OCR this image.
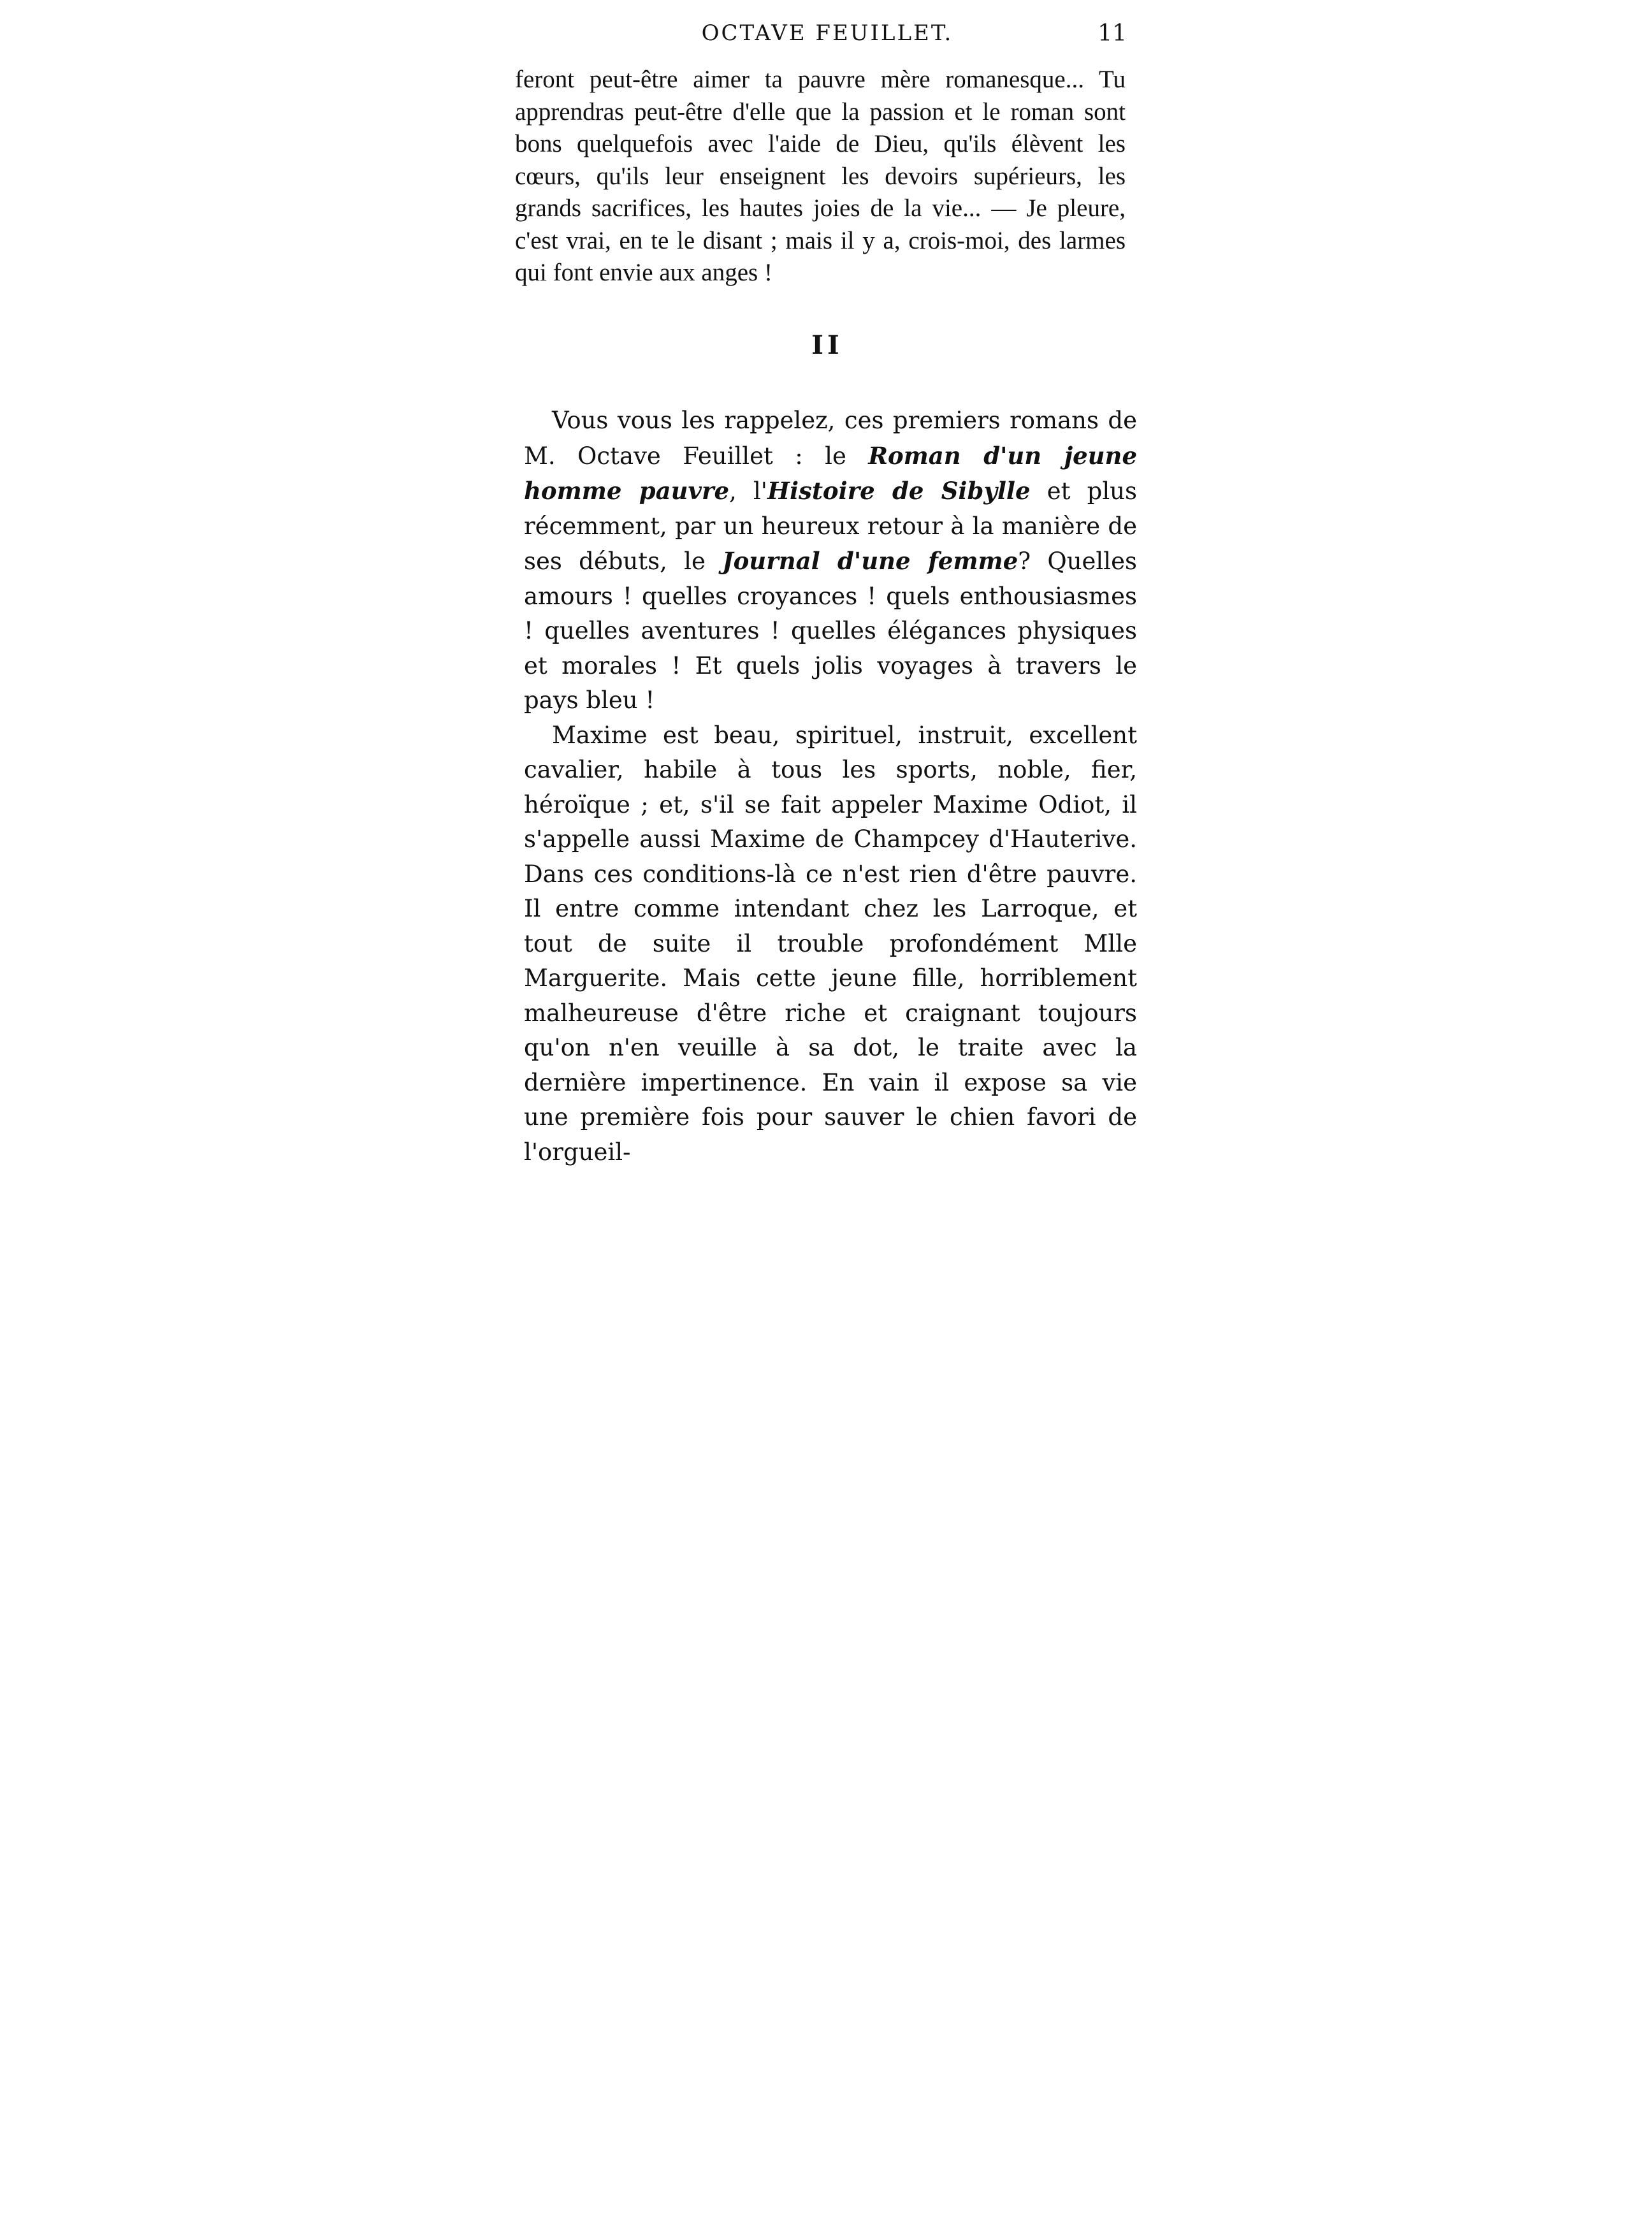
OCTAVE FEUILLET.	11

feront peut-être aimer ta pauvre mère romanesque... Tu apprendras peut-être d'elle que la passion et le roman sont bons quelquefois avec l'aide de Dieu, qu'ils élèvent les cœurs, qu'ils leur enseignent les devoirs supérieurs, les grands sacrifices, les hautes joies de la vie... — Je pleure, c'est vrai, en te le disant ; mais il y a, crois-moi, des larmes qui font envie aux anges !

II

Vous vous les rappelez, ces premiers romans de M. Octave Feuillet : le Roman d'un jeune homme pauvre, l'Histoire de Sibylle et plus récemment, par un heureux retour à la manière de ses débuts, le Journal d'une femme? Quelles amours ! quelles croyances ! quels enthousiasmes ! quelles aventures ! quelles élégances physiques et morales ! Et quels jolis voyages à travers le pays bleu !

Maxime est beau, spirituel, instruit, excellent cavalier, habile à tous les sports, noble, fier, héroïque ; et, s'il se fait appeler Maxime Odiot, il s'appelle aussi Maxime de Champcey d'Hauterive. Dans ces conditions-là ce n'est rien d'être pauvre. Il entre comme intendant chez les Larroque, et tout de suite il trouble profondément Mlle Marguerite. Mais cette jeune fille, horriblement malheureuse d'être riche et craignant toujours qu'on n'en veuille à sa dot, le traite avec la dernière impertinence. En vain il expose sa vie une première fois pour sauver le chien favori de l'orgueil-
